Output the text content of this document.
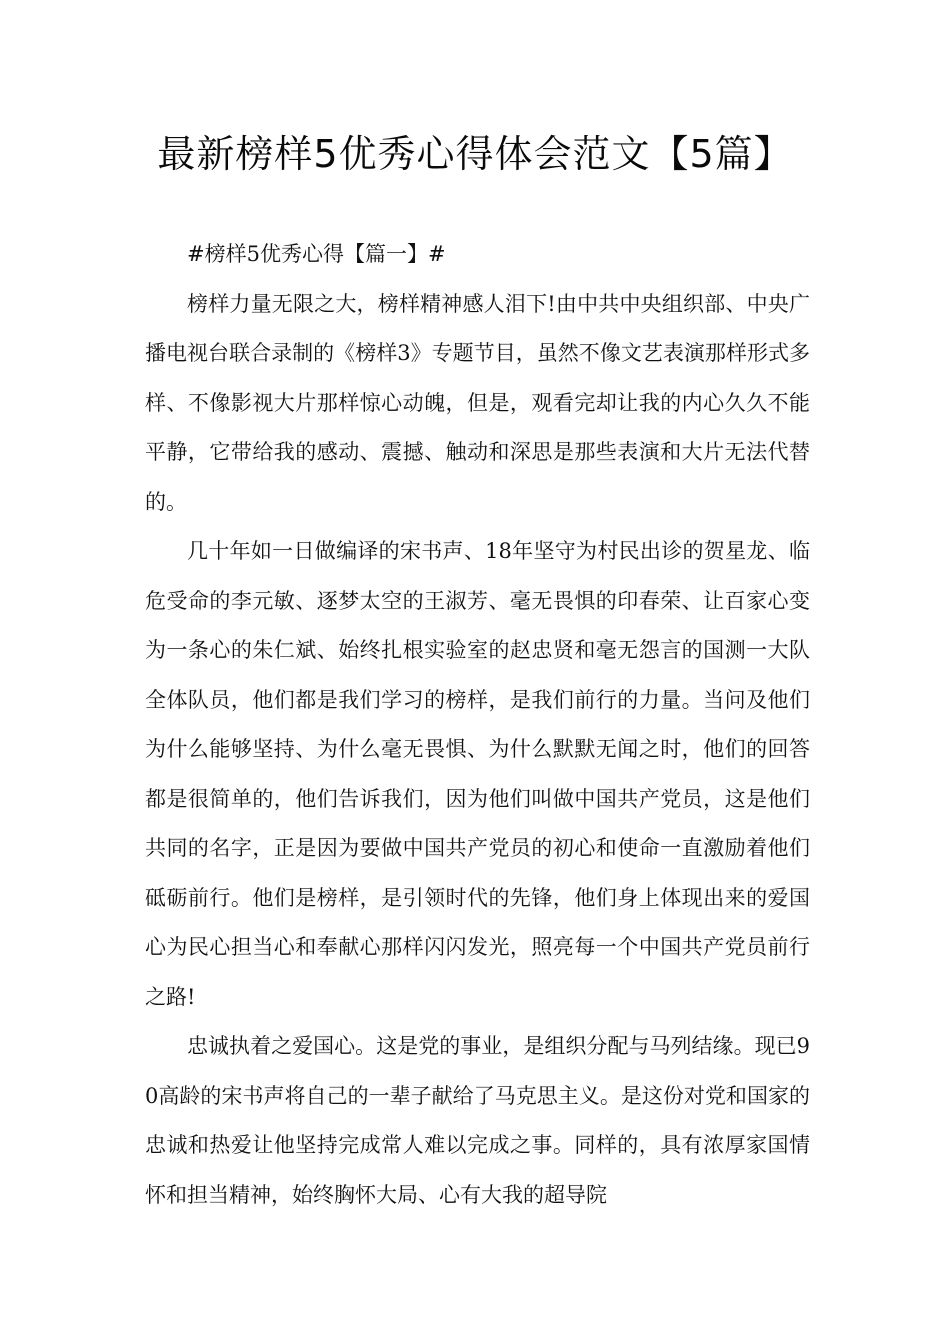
最新榜样5优秀心得体会范文【5篇】

#榜样5优秀心得【篇一】#

榜样力量无限之大，榜样精神感人泪下!由中共中央组织部、中央广播电视台联合录制的《榜样3》专题节目，虽然不像文艺表演那样形式多样、不像影视大片那样惊心动魄，但是，观看完却让我的内心久久不能平静，它带给我的感动、震撼、触动和深思是那些表演和大片无法代替的。

几十年如一日做编译的宋书声、18年坚守为村民出诊的贺星龙、临危受命的李元敏、逐梦太空的王淑芳、毫无畏惧的印春荣、让百家心变为一条心的朱仁斌、始终扎根实验室的赵忠贤和毫无怨言的国测一大队全体队员，他们都是我们学习的榜样，是我们前行的力量。当问及他们为什么能够坚持、为什么毫无畏惧、为什么默默无闻之时，他们的回答都是很简单的，他们告诉我们，因为他们叫做中国共产党员，这是他们共同的名字，正是因为要做中国共产党员的初心和使命一直激励着他们砥砺前行。他们是榜样，是引领时代的先锋，他们身上体现出来的爱国心为民心担当心和奉献心那样闪闪发光，照亮每一个中国共产党员前行之路!

忠诚执着之爱国心。这是党的事业，是组织分配与马列结缘。现已90高龄的宋书声将自己的一辈子献给了马克思主义。是这份对党和国家的忠诚和热爱让他坚持完成常人难以完成之事。同样的，具有浓厚家国情怀和担当精神，始终胸怀大局、心有大我的超导院
